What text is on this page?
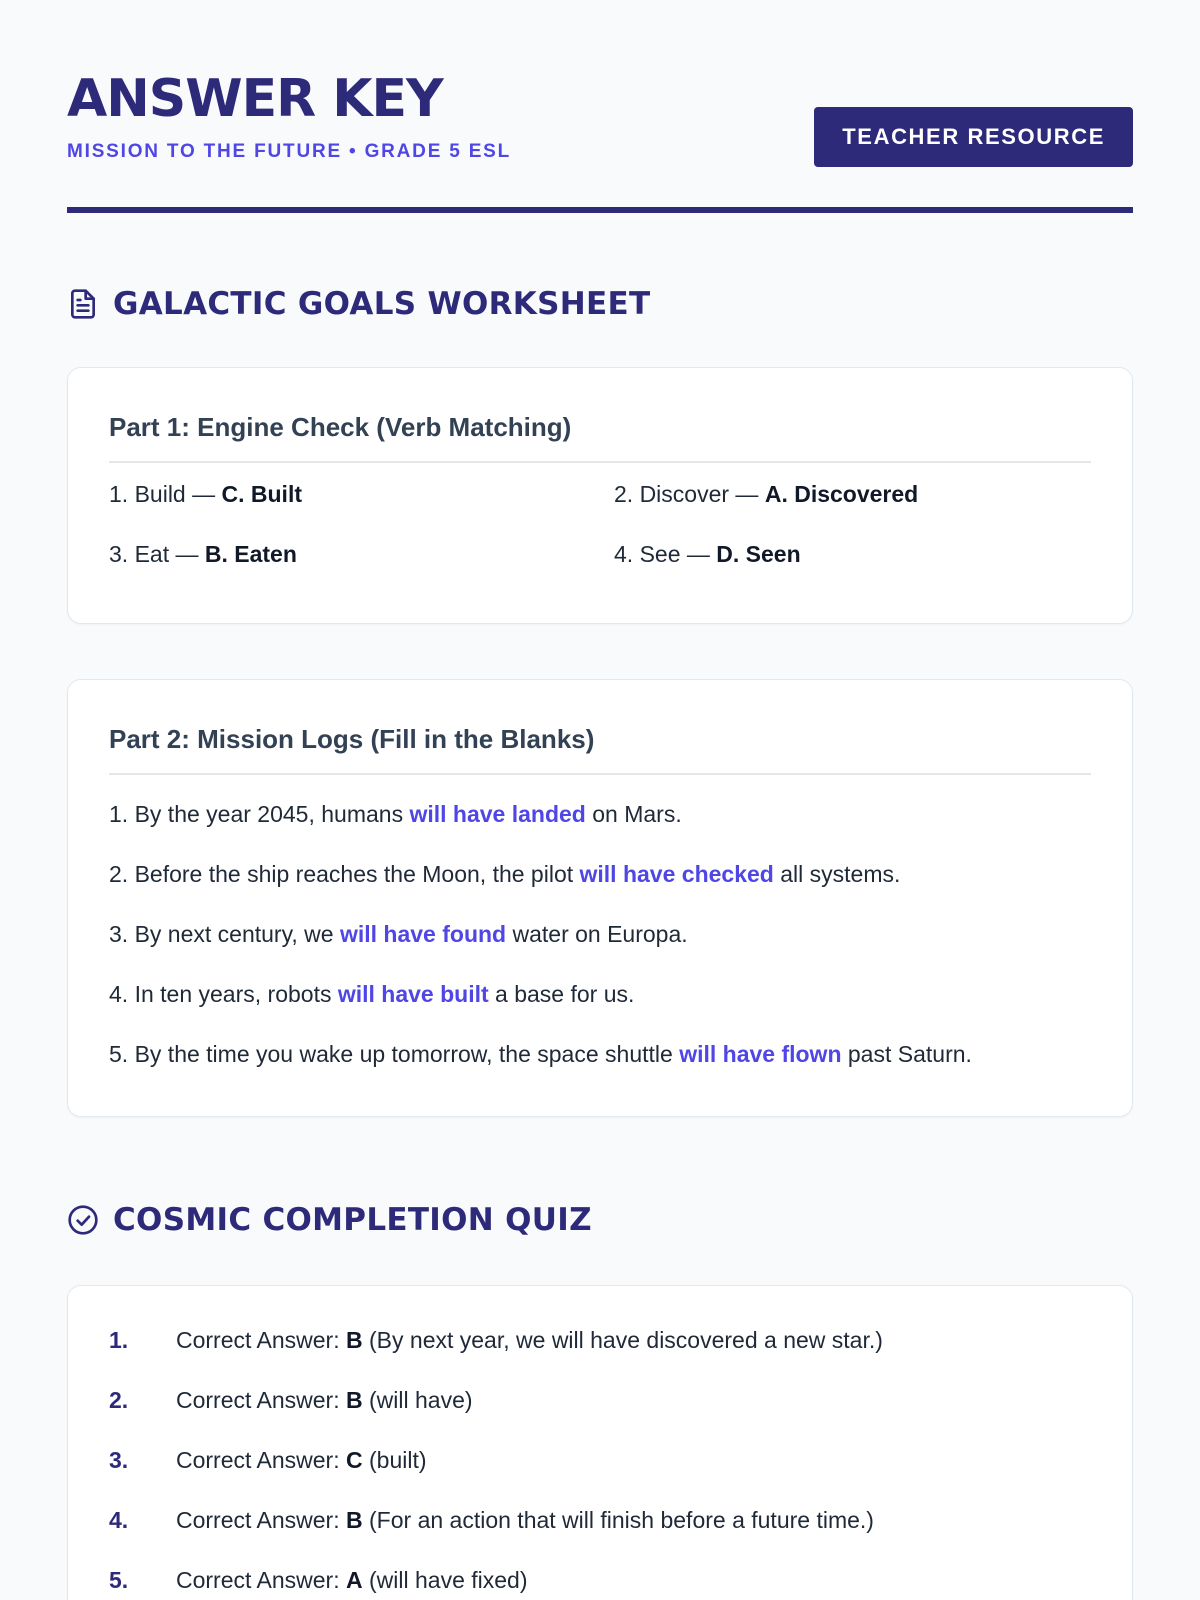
ANSWER KEY
MISSION TO THE FUTURE • GRADE 5 ESL
TEACHER RESOURCE
GALACTIC GOALS WORKSHEET
Part 1: Engine Check (Verb Matching)
1. Build — C. Built	2. Discover — A. Discovered
3. Eat — B. Eaten	4. See — D. Seen
Part 2: Mission Logs (Fill in the Blanks)
1. By the year 2045, humans will have landed on Mars.
2. Before the ship reaches the Moon, the pilot will have checked all systems.
3. By next century, we will have found water on Europa.
4. In ten years, robots will have built a base for us.
5. By the time you wake up tomorrow, the space shuttle will have flown past Saturn.
COSMIC COMPLETION QUIZ
1.	Correct Answer: B (By next year, we will have discovered a new star.)
2.	Correct Answer: B (will have)
3.	Correct Answer: C (built)
4.	Correct Answer: B (For an action that will finish before a future time.)
5.	Correct Answer: A (will have fixed)
